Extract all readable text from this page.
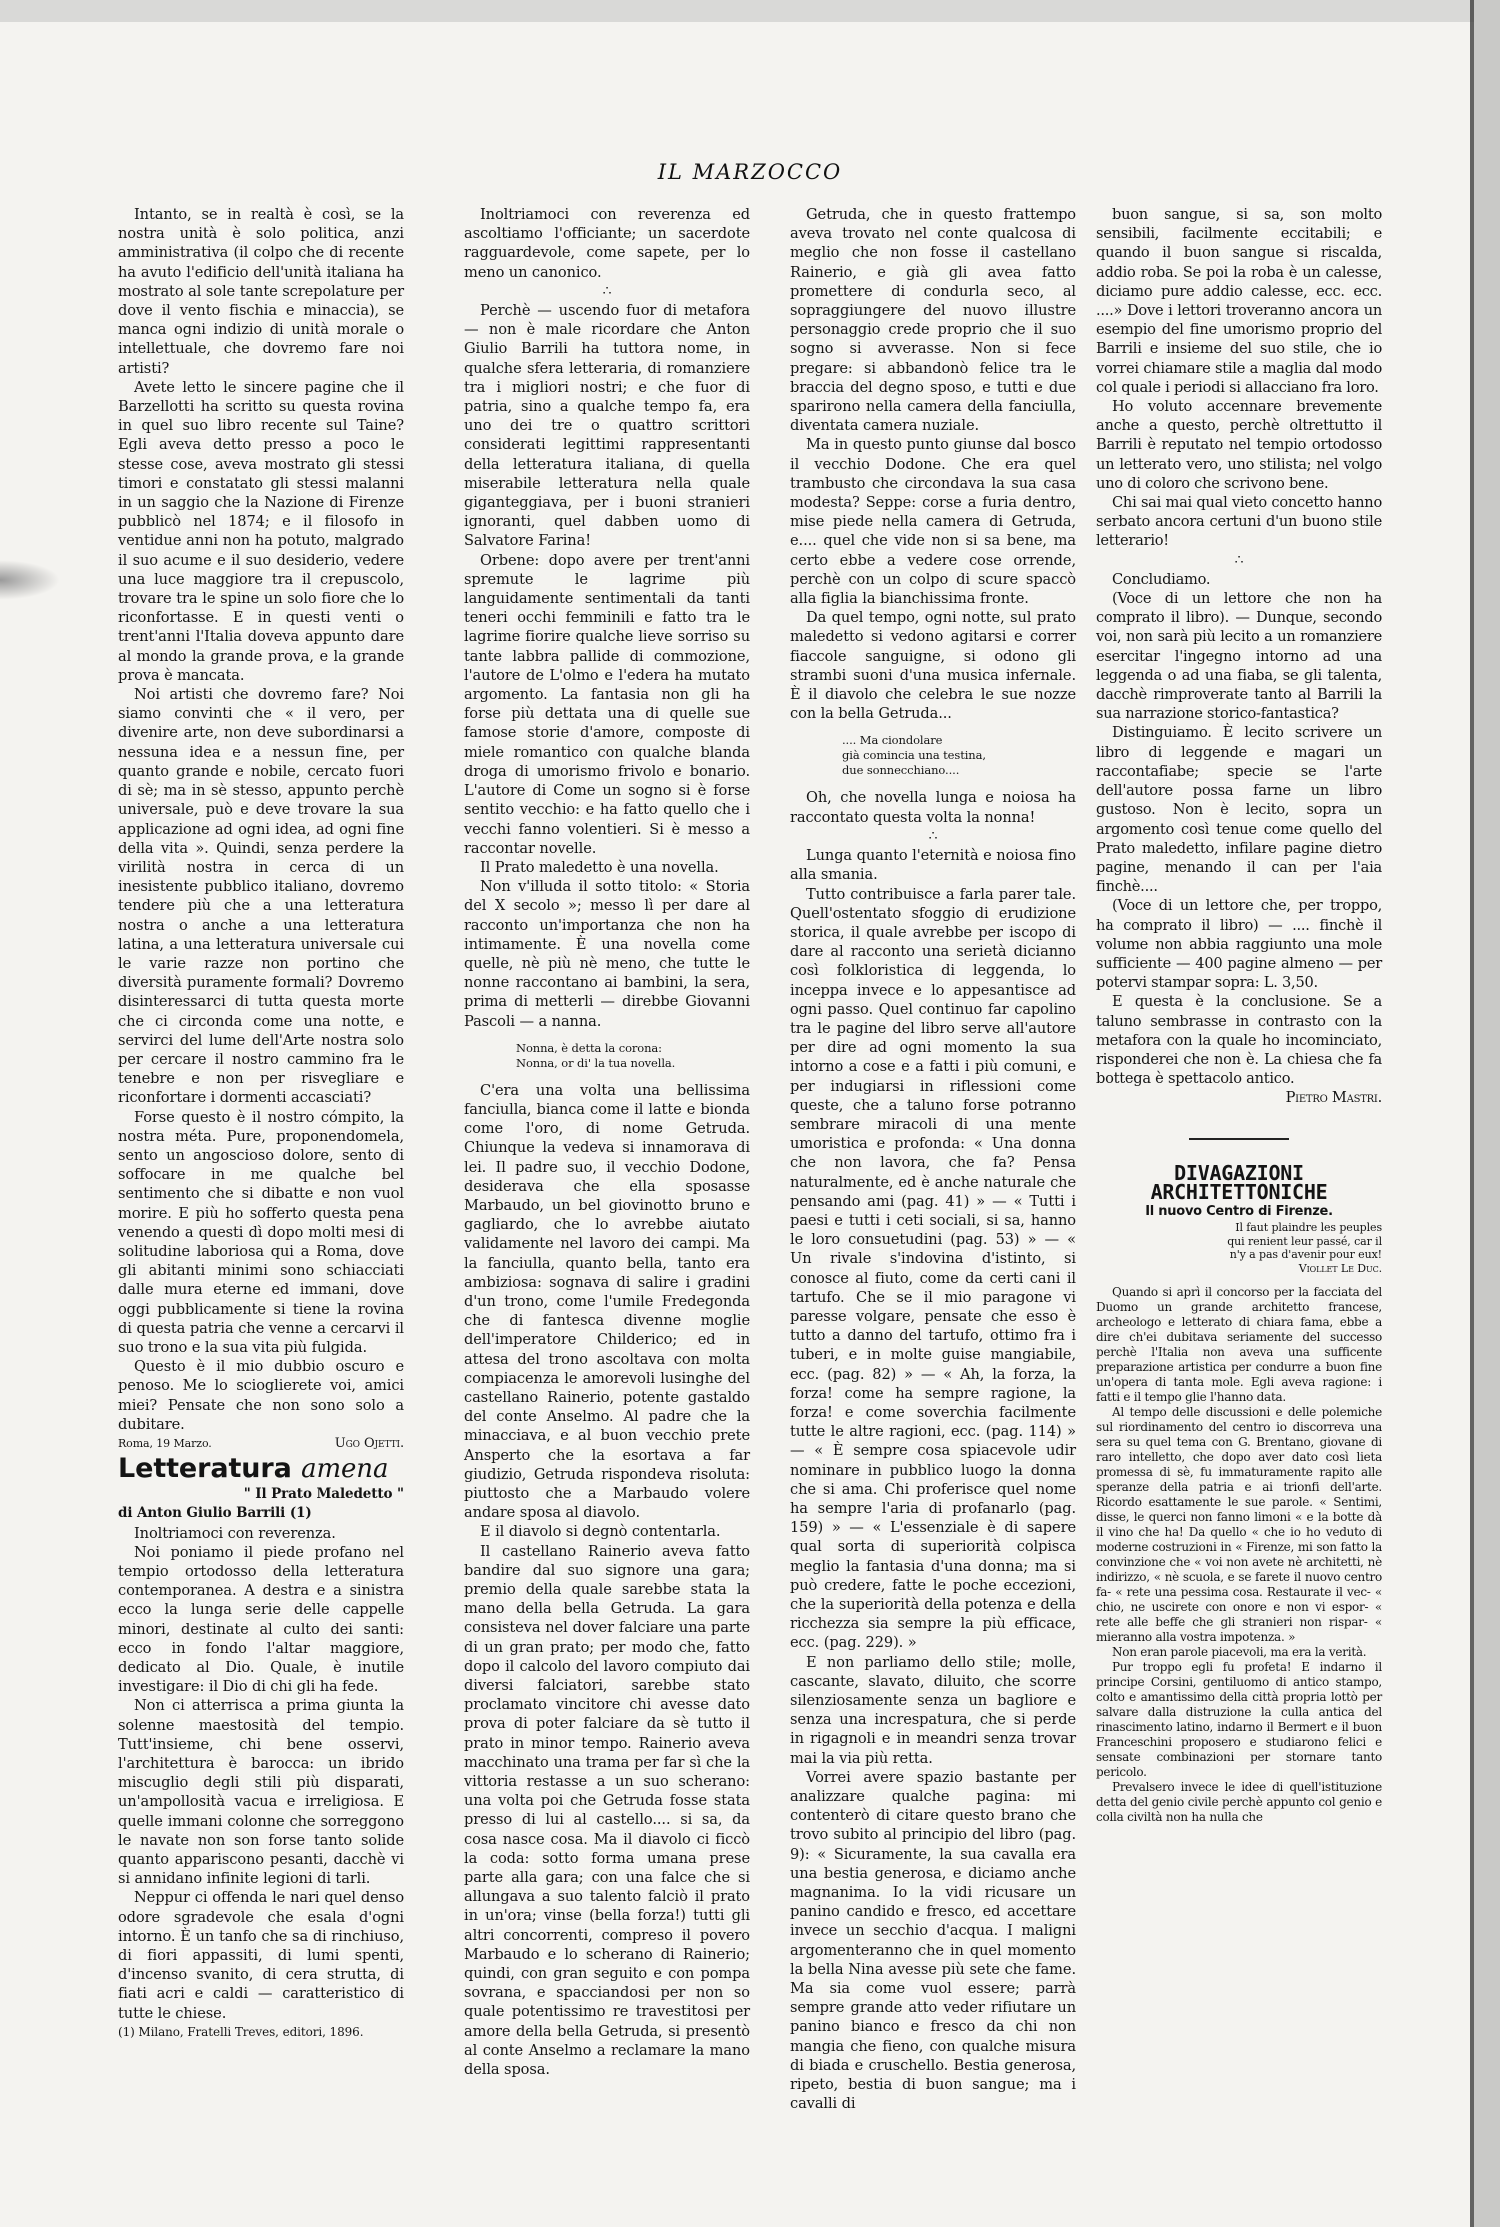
IL MARZOCCO

Intanto, se in realtà è così, se la nostra unità è solo politica, anzi amministrativa (il colpo che di recente ha avuto l'edificio dell'unità italiana ha mostrato al sole tante screpolature per dove il vento fischia e minaccia), se manca ogni indizio di unità morale o intellettuale, che dovremo fare noi artisti?

Avete letto le sincere pagine che il Barzellotti ha scritto su questa rovina in quel suo libro recente sul Taine? Egli aveva detto presso a poco le stesse cose, aveva mostrato gli stessi timori e constatato gli stessi malanni in un saggio che la Nazione di Firenze pubblicò nel 1874; e il filosofo in ventidue anni non ha potuto, malgrado il suo acume e il suo desiderio, vedere una luce maggiore tra il crepuscolo, trovare tra le spine un solo fiore che lo riconfortasse. E in questi venti o trent'anni l'Italia doveva appunto dare al mondo la grande prova, e la grande prova è mancata.

Noi artisti che dovremo fare? Noi siamo convinti che « il vero, per divenire arte, non deve subordinarsi a nessuna idea e a nessun fine, per quanto grande e nobile, cercato fuori di sè; ma in sè stesso, appunto perchè universale, può e deve trovare la sua applicazione ad ogni idea, ad ogni fine della vita ». Quindi, senza perdere la virilità nostra in cerca di un inesistente pubblico italiano, dovremo tendere più che a una letteratura nostra o anche a una letteratura latina, a una letteratura universale cui le varie razze non portino che diversità puramente formali? Dovremo disinteressarci di tutta questa morte che ci circonda come una notte, e servirci del lume dell'Arte nostra solo per cercare il nostro cammino fra le tenebre e non per risvegliare e riconfortare i dormenti accasciati?

Forse questo è il nostro cómpito, la nostra méta. Pure, proponendomela, sento un angoscioso dolore, sento di soffocare in me qualche bel sentimento che si dibatte e non vuol morire. E più ho sofferto questa pena venendo a questi dì dopo molti mesi di solitudine laboriosa qui a Roma, dove gli abitanti minimi sono schiacciati dalle mura eterne ed immani, dove oggi pubblicamente si tiene la rovina di questa patria che venne a cercarvi il suo trono e la sua vita più fulgida.

Questo è il mio dubbio oscuro e penoso. Me lo scioglierete voi, amici miei? Pensate che non sono solo a dubitare.

Roma, 19 Marzo.	Ugo Ojetti.

Letteratura amena

" Il Prato Maledetto "

di Anton Giulio Barrili (1)

Inoltriamoci con reverenza.

Noi poniamo il piede profano nel tempio ortodosso della letteratura contemporanea. A destra e a sinistra ecco la lunga serie delle cappelle minori, destinate al culto dei santi: ecco in fondo l'altar maggiore, dedicato al Dio. Quale, è inutile investigare: il Dio di chi gli ha fede.

Non ci atterrisca a prima giunta la solenne maestosità del tempio. Tutt'insieme, chi bene osservi, l'architettura è barocca: un ibrido miscuglio degli stili più disparati, un'ampollosità vacua e irreligiosa. E quelle immani colonne che sorreggono le navate non son forse tanto solide quanto appariscono pesanti, dacchè vi si annidano infinite legioni di tarli.

Neppur ci offenda le nari quel denso odore sgradevole che esala d'ogni intorno. È un tanfo che sa di rinchiuso, di fiori appassiti, di lumi spenti, d'incenso svanito, di cera strutta, di fiati acri e caldi — caratteristico di tutte le chiese.

(1) Milano, Fratelli Treves, editori, 1896.

Inoltriamoci con reverenza ed ascoltiamo l'officiante; un sacerdote ragguardevole, come sapete, per lo meno un canonico.

∴

Perchè — uscendo fuor di metafora — non è male ricordare che Anton Giulio Barrili ha tuttora nome, in qualche sfera letteraria, di romanziere tra i migliori nostri; e che fuor di patria, sino a qualche tempo fa, era uno dei tre o quattro scrittori considerati legittimi rappresentanti della letteratura italiana, di quella miserabile letteratura nella quale giganteggiava, per i buoni stranieri ignoranti, quel dabben uomo di Salvatore Farina!

Orbene: dopo avere per trent'anni spremute le lagrime più languidamente sentimentali da tanti teneri occhi femminili e fatto tra le lagrime fiorire qualche lieve sorriso su tante labbra pallide di commozione, l'autore de L'olmo e l'edera ha mutato argomento. La fantasia non gli ha forse più dettata una di quelle sue famose storie d'amore, composte di miele romantico con qualche blanda droga di umorismo frivolo e bonario. L'autore di Come un sogno si è forse sentito vecchio: e ha fatto quello che i vecchi fanno volentieri. Si è messo a raccontar novelle.

Il Prato maledetto è una novella.

Non v'illuda il sotto titolo: « Storia del X secolo »; messo lì per dare al racconto un'importanza che non ha intimamente. È una novella come quelle, nè più nè meno, che tutte le nonne raccontano ai bambini, la sera, prima di metterli — direbbe Giovanni Pascoli — a nanna.

Nonna, è detta la corona:
Nonna, or di' la tua novella.

C'era una volta una bellissima fanciulla, bianca come il latte e bionda come l'oro, di nome Getruda. Chiunque la vedeva si innamorava di lei. Il padre suo, il vecchio Dodone, desiderava che ella sposasse Marbaudo, un bel giovinotto bruno e gagliardo, che lo avrebbe aiutato validamente nel lavoro dei campi. Ma la fanciulla, quanto bella, tanto era ambiziosa: sognava di salire i gradini d'un trono, come l'umile Fredegonda che di fantesca divenne moglie dell'imperatore Childerico; ed in attesa del trono ascoltava con molta compiacenza le amorevoli lusinghe del castellano Rainerio, potente gastaldo del conte Anselmo. Al padre che la minacciava, e al buon vecchio prete Ansperto che la esortava a far giudizio, Getruda rispondeva risoluta: piuttosto che a Marbaudo volere andare sposa al diavolo.

E il diavolo si degnò contentarla.

Il castellano Rainerio aveva fatto bandire dal suo signore una gara; premio della quale sarebbe stata la mano della bella Getruda. La gara consisteva nel dover falciare una parte di un gran prato; per modo che, fatto dopo il calcolo del lavoro compiuto dai diversi falciatori, sarebbe stato proclamato vincitore chi avesse dato prova di poter falciare da sè tutto il prato in minor tempo. Rainerio aveva macchinato una trama per far sì che la vittoria restasse a un suo scherano: una volta poi che Getruda fosse stata presso di lui al castello.... si sa, da cosa nasce cosa. Ma il diavolo ci ficcò la coda: sotto forma umana prese parte alla gara; con una falce che si allungava a suo talento falciò il prato in un'ora; vinse (bella forza!) tutti gli altri concorrenti, compreso il povero Marbaudo e lo scherano di Rainerio; quindi, con gran seguito e con pompa sovrana, e spacciandosi per non so quale potentissimo re travestitosi per amore della bella Getruda, si presentò al conte Anselmo a reclamare la mano della sposa.

Getruda, che in questo frattempo aveva trovato nel conte qualcosa di meglio che non fosse il castellano Rainerio, e già gli avea fatto promettere di condurla seco, al sopraggiungere del nuovo illustre personaggio crede proprio che il suo sogno si avverasse. Non si fece pregare: si abbandonò felice tra le braccia del degno sposo, e tutti e due sparirono nella camera della fanciulla, diventata camera nuziale.

Ma in questo punto giunse dal bosco il vecchio Dodone. Che era quel trambusto che circondava la sua casa modesta? Seppe: corse a furia dentro, mise piede nella camera di Getruda, e.... quel che vide non si sa bene, ma certo ebbe a vedere cose orrende, perchè con un colpo di scure spaccò alla figlia la bianchissima fronte.

Da quel tempo, ogni notte, sul prato maledetto si vedono agitarsi e correr fiaccole sanguigne, si odono gli strambi suoni d'una musica infernale. È il diavolo che celebra le sue nozze con la bella Getruda...

.... Ma ciondolare
già comincia una testina,
due sonnecchiano....

Oh, che novella lunga e noiosa ha raccontato questa volta la nonna!

∴

Lunga quanto l'eternità e noiosa fino alla smania.

Tutto contribuisce a farla parer tale. Quell'ostentato sfoggio di erudizione storica, il quale avrebbe per iscopo di dare al racconto una serietà dicianno così folkloristica di leggenda, lo inceppa invece e lo appesantisce ad ogni passo. Quel continuo far capolino tra le pagine del libro serve all'autore per dire ad ogni momento la sua intorno a cose e a fatti i più comuni, e per indugiarsi in riflessioni come queste, che a taluno forse potranno sembrare miracoli di una mente umoristica e profonda: « Una donna che non lavora, che fa? Pensa naturalmente, ed è anche naturale che pensando ami (pag. 41) » — « Tutti i paesi e tutti i ceti sociali, si sa, hanno le loro consuetudini (pag. 53) » — « Un rivale s'indovina d'istinto, si conosce al fiuto, come da certi cani il tartufo. Che se il mio paragone vi paresse volgare, pensate che esso è tutto a danno del tartufo, ottimo fra i tuberi, e in molte guise mangiabile, ecc. (pag. 82) » — « Ah, la forza, la forza! come ha sempre ragione, la forza! e come soverchia facilmente tutte le altre ragioni, ecc. (pag. 114) » — « È sempre cosa spiacevole udir nominare in pubblico luogo la donna che si ama. Chi proferisce quel nome ha sempre l'aria di profanarlo (pag. 159) » — « L'essenziale è di sapere qual sorta di superiorità colpisca meglio la fantasia d'una donna; ma si può credere, fatte le poche eccezioni, che la superiorità della potenza e della ricchezza sia sempre la più efficace, ecc. (pag. 229). »

E non parliamo dello stile; molle, cascante, slavato, diluito, che scorre silenziosamente senza un bagliore e senza una increspatura, che si perde in rigagnoli e in meandri senza trovar mai la via più retta.

Vorrei avere spazio bastante per analizzare qualche pagina: mi contenterò di citare questo brano che trovo subito al principio del libro (pag. 9): « Sicuramente, la sua cavalla era una bestia generosa, e diciamo anche magnanima. Io la vidi ricusare un panino candido e fresco, ed accettare invece un secchio d'acqua. I maligni argomenteranno che in quel momento la bella Nina avesse più sete che fame. Ma sia come vuol essere; parrà sempre grande atto veder rifiutare un panino bianco e fresco da chi non mangia che fieno, con qualche misura di biada e cruschello. Bestia generosa, ripeto, bestia di buon sangue; ma i cavalli di

buon sangue, si sa, son molto sensibili, facilmente eccitabili; e quando il buon sangue si riscalda, addio roba. Se poi la roba è un calesse, diciamo pure addio calesse, ecc. ecc. ....» Dove i lettori troveranno ancora un esempio del fine umorismo proprio del Barrili e insieme del suo stile, che io vorrei chiamare stile a maglia dal modo col quale i periodi si allacciano fra loro.

Ho voluto accennare brevemente anche a questo, perchè oltrettutto il Barrili è reputato nel tempio ortodosso un letterato vero, uno stilista; nel volgo uno di coloro che scrivono bene.

Chi sai mai qual vieto concetto hanno serbato ancora certuni d'un buono stile letterario!

∴

Concludiamo.

(Voce di un lettore che non ha comprato il libro). — Dunque, secondo voi, non sarà più lecito a un romanziere esercitar l'ingegno intorno ad una leggenda o ad una fiaba, se gli talenta, dacchè rimproverate tanto al Barrili la sua narrazione storico-fantastica?

Distinguiamo. È lecito scrivere un libro di leggende e magari un raccontafiabe; specie se l'arte dell'autore possa farne un libro gustoso. Non è lecito, sopra un argomento così tenue come quello del Prato maledetto, infilare pagine dietro pagine, menando il can per l'aia finchè....

(Voce di un lettore che, per troppo, ha comprato il libro) — .... finchè il volume non abbia raggiunto una mole sufficiente — 400 pagine almeno — per potervi stampar sopra: L. 3,50.

E questa è la conclusione. Se a taluno sembrasse in contrasto con la metafora con la quale ho incominciato, risponderei che non è. La chiesa che fa bottega è spettacolo antico.

Pietro Mastri.

DIVAGAZIONI ARCHITETTONICHE

Il nuovo Centro di Firenze.

Il faut plaindre les peuples
qui renient leur passé, car il
n'y a pas d'avenir pour eux!
Viollet Le Duc.

Quando si aprì il concorso per la facciata del Duomo un grande architetto francese, archeologo e letterato di chiara fama, ebbe a dire ch'ei dubitava seriamente del successo perchè l'Italia non aveva una sufficente preparazione artistica per condurre a buon fine un'opera di tanta mole. Egli aveva ragione: i fatti e il tempo glie l'hanno data.

Al tempo delle discussioni e delle polemiche sul riordinamento del centro io discorreva una sera su quel tema con G. Brentano, giovane di raro intelletto, che dopo aver dato così lieta promessa di sè, fu immaturamente rapito alle speranze della patria e ai trionfi dell'arte. Ricordo esattamente le sue parole. « Sentimi, disse, le querci non fanno limoni « e la botte dà il vino che ha! Da quello « che io ho veduto di moderne costruzioni in « Firenze, mi son fatto la convinzione che « voi non avete nè architetti, nè indirizzo, « nè scuola, e se farete il nuovo centro fa- « rete una pessima cosa. Restaurate il vec- « chio, ne uscirete con onore e non vi espor- « rete alle beffe che gli stranieri non rispar- « mieranno alla vostra impotenza. »

Non eran parole piacevoli, ma era la verità.

Pur troppo egli fu profeta! E indarno il principe Corsini, gentiluomo di antico stampo, colto e amantissimo della città propria lottò per salvare dalla distruzione la culla antica del rinascimento latino, indarno il Bermert e il buon Franceschini proposero e studiarono felici e sensate combinazioni per stornare tanto pericolo.

Prevalsero invece le idee di quell'istituzione detta del genio civile perchè appunto col genio e colla civiltà non ha nulla che
